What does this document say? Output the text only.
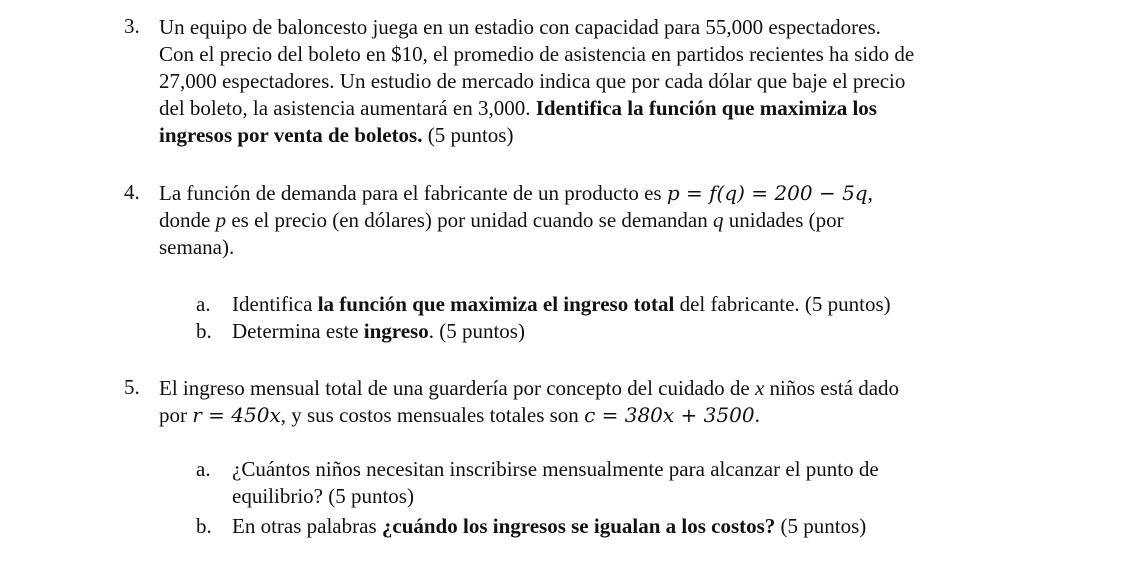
3. Un equipo de baloncesto juega en un estadio con capacidad para 55,000 espectadores.
Con el precio del boleto en $10, el promedio de asistencia en partidos recientes ha sido de
27,000 espectadores. Un estudio de mercado indica que por cada dólar que baje el precio
del boleto, la asistencia aumentará en 3,000. Identifica la función que maximiza los
ingresos por venta de boletos. (5 puntos)
4. La función de demanda para el fabricante de un producto es p = f(q) = 200 − 5q,
donde p es el precio (en dólares) por unidad cuando se demandan q unidades (por
semana).
a. Identifica la función que maximiza el ingreso total del fabricante. (5 puntos)
b. Determina este ingreso. (5 puntos)
5. El ingreso mensual total de una guardería por concepto del cuidado de x niños está dado
por r = 450x, y sus costos mensuales totales son c = 380x + 3500.
a. ¿Cuántos niños necesitan inscribirse mensualmente para alcanzar el punto de
equilibrio? (5 puntos)
b. En otras palabras ¿cuándo los ingresos se igualan a los costos? (5 puntos)
